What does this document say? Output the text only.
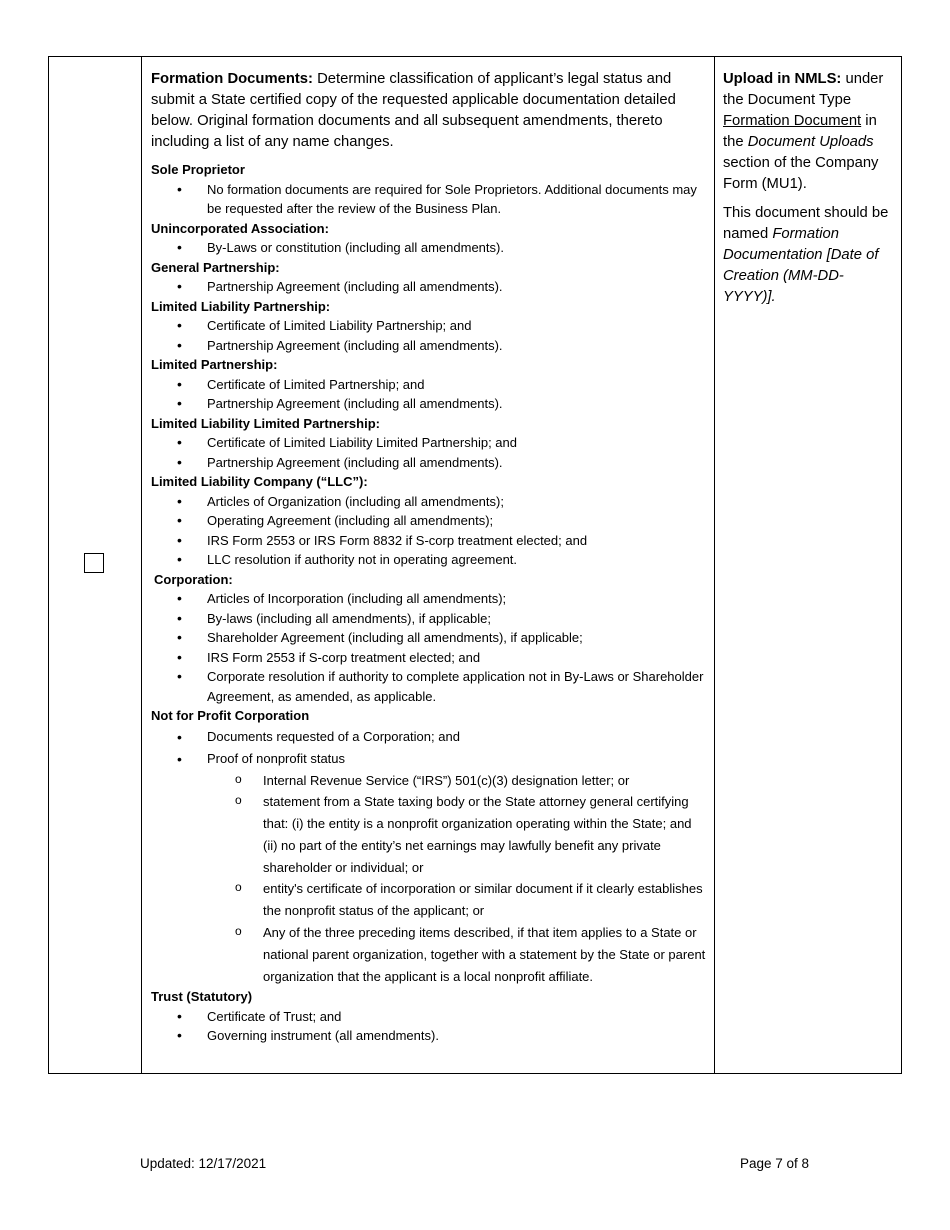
Formation Documents: Determine classification of applicant’s legal status and submit a State certified copy of the requested applicable documentation detailed below. Original formation documents and all subsequent amendments, thereto including a list of any name changes.

Sole Proprietor

• No formation documents are required for Sole Proprietors. Additional documents may be requested after the review of the Business Plan.

Unincorporated Association:

• By-Laws or constitution (including all amendments).

General Partnership:

• Partnership Agreement (including all amendments).

Limited Liability Partnership:

• Certificate of Limited Liability Partnership; and
• Partnership Agreement (including all amendments).

Limited Partnership:

• Certificate of Limited Partnership; and
• Partnership Agreement (including all amendments).

Limited Liability Limited Partnership:

• Certificate of Limited Liability Limited Partnership; and
• Partnership Agreement (including all amendments).

Limited Liability Company (“LLC”):

• Articles of Organization (including all amendments);
• Operating Agreement (including all amendments);
• IRS Form 2553 or IRS Form 8832 if S-corp treatment elected; and
• LLC resolution if authority not in operating agreement.

Corporation:

• Articles of Incorporation (including all amendments);
• By-laws (including all amendments), if applicable;
• Shareholder Agreement (including all amendments), if applicable;
• IRS Form 2553 if S-corp treatment elected; and
• Corporate resolution if authority to complete application not in By-Laws or Shareholder Agreement, as amended, as applicable.

Not for Profit Corporation

• Documents requested of a Corporation; and
• Proof of nonprofit status
o Internal Revenue Service (“IRS”) 501(c)(3) designation letter; or
o statement from a State taxing body or the State attorney general certifying that: (i) the entity is a nonprofit organization operating within the State; and (ii) no part of the entity’s net earnings may lawfully benefit any private shareholder or individual; or
o entity's certificate of incorporation or similar document if it clearly establishes the nonprofit status of the applicant; or
o Any of the three preceding items described, if that item applies to a State or national parent organization, together with a statement by the State or parent organization that the applicant is a local nonprofit affiliate.

Trust (Statutory)

• Certificate of Trust; and
• Governing instrument (all amendments).

Upload in NMLS: under the Document Type Formation Document in the Document Uploads section of the Company Form (MU1).

This document should be named Formation Documentation [Date of Creation (MM-DD-YYYY)].

Updated: 12/17/2021	Page 7 of 8
